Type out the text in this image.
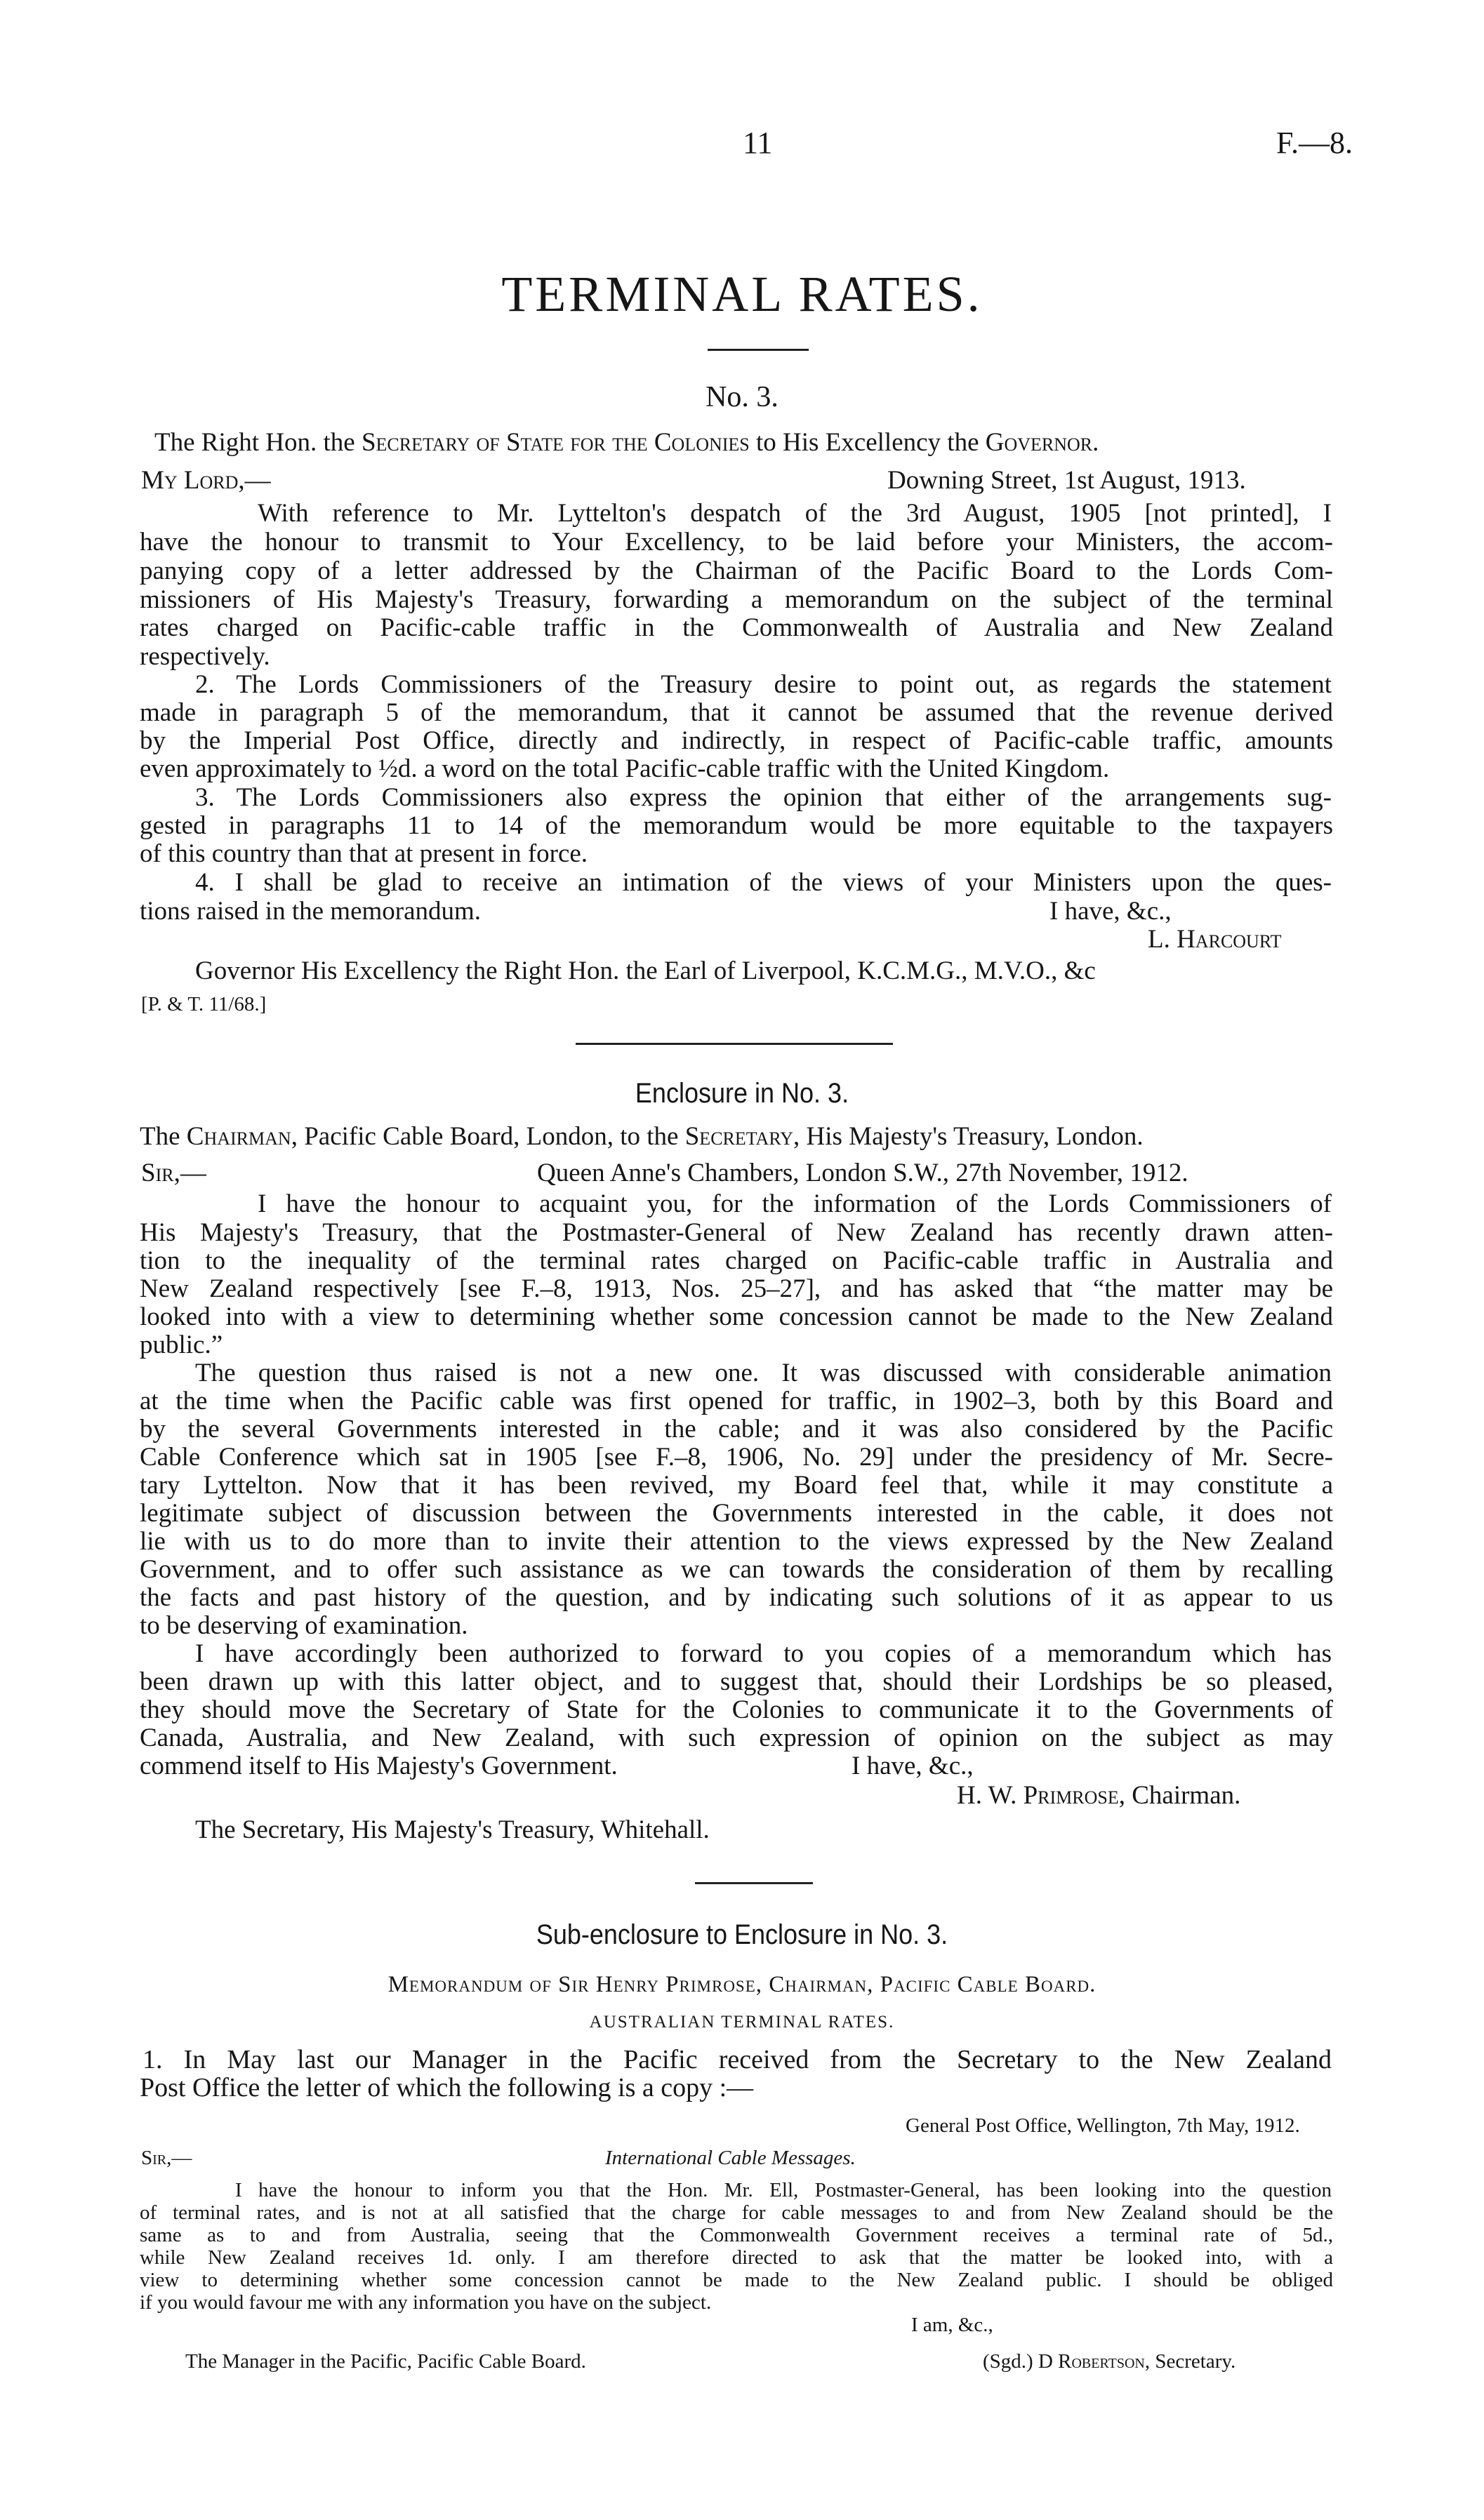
11	F.—8.
TERMINAL RATES.
No. 3.
The Right Hon. the Secretary of State for the Colonies to His Excellency the Governor.
My Lord,—	Downing Street, 1st August, 1913.
With reference to Mr. Lyttelton's despatch of the 3rd August, 1905 [not printed], I
have the honour to transmit to Your Excellency, to be laid before your Ministers, the accom-
panying copy of a letter addressed by the Chairman of the Pacific Board to the Lords Com-
missioners of His Majesty's Treasury, forwarding a memorandum on the subject of the terminal
rates charged on Pacific-cable traffic in the Commonwealth of Australia and New Zealand
respectively.
2. The Lords Commissioners of the Treasury desire to point out, as regards the statement
made in paragraph 5 of the memorandum, that it cannot be assumed that the revenue derived
by the Imperial Post Office, directly and indirectly, in respect of Pacific-cable traffic, amounts
even approximately to ½d. a word on the total Pacific-cable traffic with the United Kingdom.
3. The Lords Commissioners also express the opinion that either of the arrangements sug-
gested in paragraphs 11 to 14 of the memorandum would be more equitable to the taxpayers
of this country than that at present in force.
4. I shall be glad to receive an intimation of the views of your Ministers upon the ques-
tions raised in the memorandum.	I have, &c.,
L. Harcourt
Governor His Excellency the Right Hon. the Earl of Liverpool, K.C.M.G., M.V.O., &c
[P. & T. 11/68.]
Enclosure in No. 3.
The Chairman, Pacific Cable Board, London, to the Secretary, His Majesty's Treasury, London.
Sir,—	Queen Anne's Chambers, London S.W., 27th November, 1912.
I have the honour to acquaint you, for the information of the Lords Commissioners of
His Majesty's Treasury, that the Postmaster-General of New Zealand has recently drawn atten-
tion to the inequality of the terminal rates charged on Pacific-cable traffic in Australia and
New Zealand respectively [see F.–8, 1913, Nos. 25–27], and has asked that “the matter may be
looked into with a view to determining whether some concession cannot be made to the New Zealand
public.”
The question thus raised is not a new one. It was discussed with considerable animation
at the time when the Pacific cable was first opened for traffic, in 1902–3, both by this Board and
by the several Governments interested in the cable; and it was also considered by the Pacific
Cable Conference which sat in 1905 [see F.–8, 1906, No. 29] under the presidency of Mr. Secre-
tary Lyttelton. Now that it has been revived, my Board feel that, while it may constitute a
legitimate subject of discussion between the Governments interested in the cable, it does not
lie with us to do more than to invite their attention to the views expressed by the New Zealand
Government, and to offer such assistance as we can towards the consideration of them by recalling
the facts and past history of the question, and by indicating such solutions of it as appear to us
to be deserving of examination.
I have accordingly been authorized to forward to you copies of a memorandum which has
been drawn up with this latter object, and to suggest that, should their Lordships be so pleased,
they should move the Secretary of State for the Colonies to communicate it to the Governments of
Canada, Australia, and New Zealand, with such expression of opinion on the subject as may
commend itself to His Majesty's Government.	I have, &c.,
H. W. Primrose, Chairman.
The Secretary, His Majesty's Treasury, Whitehall.
Sub-enclosure to Enclosure in No. 3.
Memorandum of Sir Henry Primrose, Chairman, Pacific Cable Board.
AUSTRALIAN TERMINAL RATES.
1. In May last our Manager in the Pacific received from the Secretary to the New Zealand
Post Office the letter of which the following is a copy :—
General Post Office, Wellington, 7th May, 1912.
Sir,—	International Cable Messages.
I have the honour to inform you that the Hon. Mr. Ell, Postmaster-General, has been looking into the question
of terminal rates, and is not at all satisfied that the charge for cable messages to and from New Zealand should be the
same as to and from Australia, seeing that the Commonwealth Government receives a terminal rate of 5d.,
while New Zealand receives 1d. only. I am therefore directed to ask that the matter be looked into, with a
view to determining whether some concession cannot be made to the New Zealand public. I should be obliged
if you would favour me with any information you have on the subject.
I am, &c.,
The Manager in the Pacific, Pacific Cable Board.	(Sgd.) D Robertson, Secretary.
